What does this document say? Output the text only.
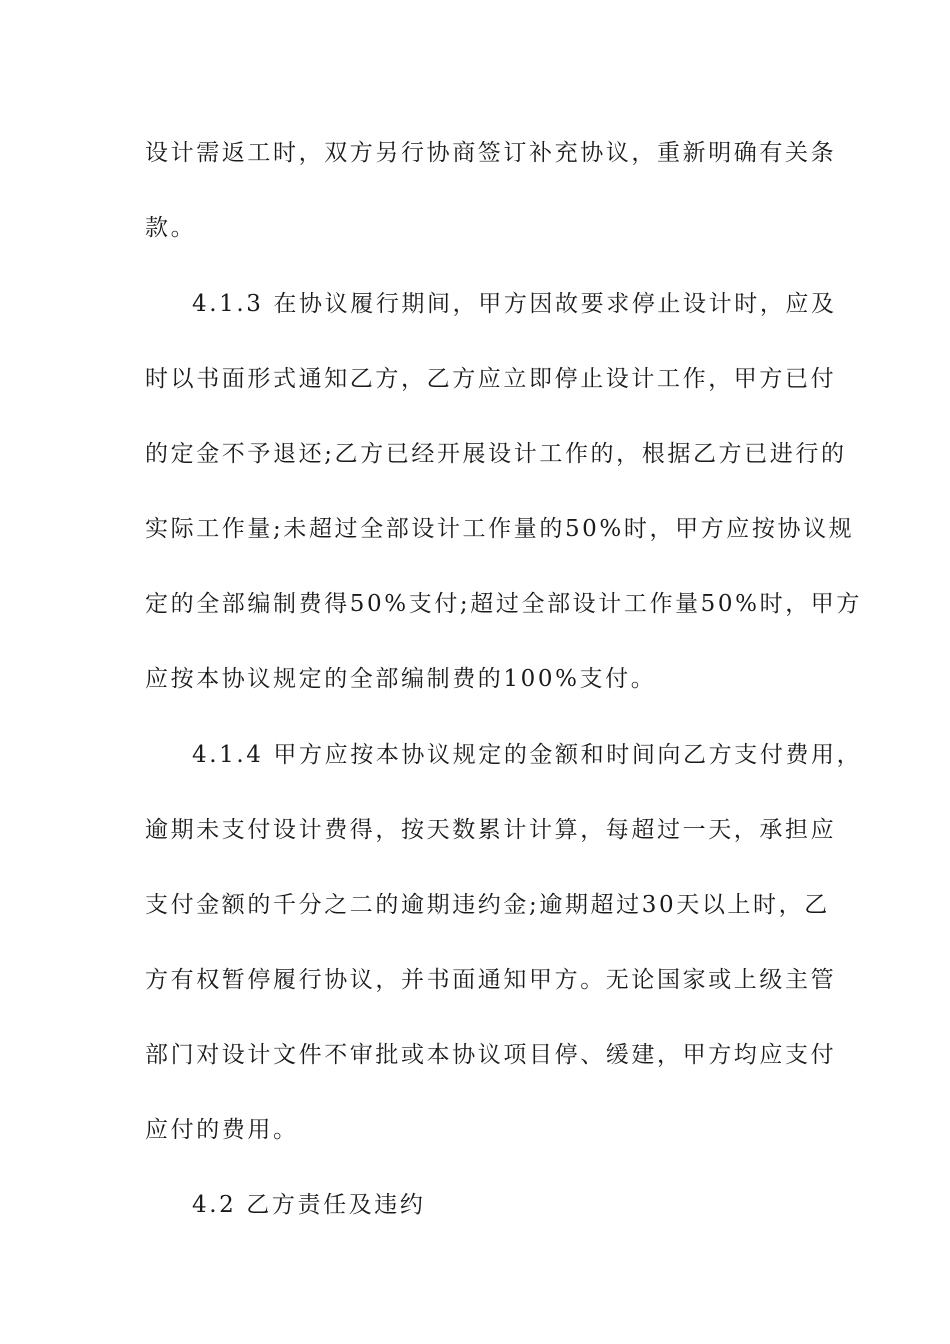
设计需返工时，双方另行协商签订补充协议，重新明确有关条
款。
4.1.3 在协议履行期间，甲方因故要求停止设计时，应及
时以书面形式通知乙方，乙方应立即停止设计工作，甲方已付
的定金不予退还;乙方已经开展设计工作的，根据乙方已进行的
实际工作量;未超过全部设计工作量的50%时，甲方应按协议规
定的全部编制费得50%支付;超过全部设计工作量50%时，甲方
应按本协议规定的全部编制费的100%支付。
4.1.4 甲方应按本协议规定的金额和时间向乙方支付费用，
逾期未支付设计费得，按天数累计计算，每超过一天，承担应
支付金额的千分之二的逾期违约金;逾期超过30天以上时，乙
方有权暂停履行协议，并书面通知甲方。无论国家或上级主管
部门对设计文件不审批或本协议项目停、缓建，甲方均应支付
应付的费用。
4.2 乙方责任及违约
